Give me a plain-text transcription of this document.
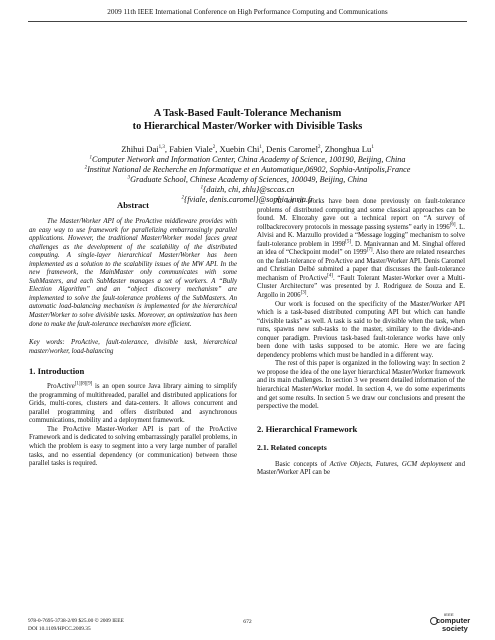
2009 11th IEEE International Conference on High Performance Computing and Communications
A Task-Based Fault-Tolerance Mechanism
to Hierarchical Master/Worker with Divisible Tasks
Zhihui Dai$^{1,3}$, Fabien Viale$^2$, Xuebin Chi$^1$, Denis Caromel$^2$, Zhonghua Lu$^1$
$^1$Computer Network and Information Center, China Academy of Science, 100190, Beijing, China
$^2$Institut National de Recherche en Informatique et en Automatique,06902, Sophia-Antipolis,France
$^3$Graduate School, Chinese Academy of Sciences, 100049, Beijing, China
$^1${daizh, chi, zhlu}@sccas.cn
$^2${fviale, denis.caromel}@sophia.inria.fr
Abstract

The Master/Worker API of the ProActive middleware provides with an easy way to use framework for parallelizing embarrassingly parallel applications. However, the traditional Master/Worker model faces great challenges as the development of the scalability of the distributed computing. A single-layer hierarchical Master/Worker has been implemented as a solution to the scalability issues of the MW API. In the new framework, the MainMaster only communicates with some SubMasters, and each SubMaster manages a set of workers. A “Bully Election Algorithm” and an “object discovery mechanism” are implemented to solve the fault-tolerance problems of the SubMasters. An automatic load-balancing mechanism is implemented for the hierarchical Master/Worker to solve divisible tasks. Moreover, an optimization has been done to make the fault-tolerance mechanism more efficient.

Key words: ProActive, fault-tolerance, divisible task, hierarchical master/worker, load-balancing

1. Introduction

ProActive[1][8][9] is an open source Java library aiming to simplify the programming of multithreaded, parallel and distributed applications for Grids, multi-cores, clusters and data-centers. It allows concurrent and parallel programming and offers distributed and asynchronous communications, mobility and a deployment framework.

The ProActive Master-Worker API is part of the ProActive Framework and is dedicated to solving embarrassingly parallel problems, in which the problem is easy to segment into a very large number of parallel tasks, and no essential dependency (or communication) between those parallel tasks is required.

At lot of works have been done previously on fault-tolerance problems of distributed computing and some classical approaches can be found. M. Elnozahy gave out a technical report on “A survey of rollbackrecovery protocols in message passing systems” early in 1996[6]. L. Alvisi and K. Marzullo provided a “Message logging” mechanism to solve fault-tolerance problem in 1998[5]. D. Manivannan and M. Singhal offered an idea of “Checkpoint model” on 1999[7]. Also there are related researches on the fault-tolerance of ProActive and Master/Worker API. Denis Caromel and Christian Delbé submited a paper that discusses the fault-tolerance mechanism of ProActive[4]. “Fault Tolerant Master-Worker over a Multi-Cluster Architecture” was presented by J. Rodriguez de Souza and E. Argollo in 2006[3].

Our work is focused on the specificity of the Master/Worker API which is a task-based distributed computing API but which can handle “divisible tasks” as well. A task is said to be divisible when the task, when runs, spawns new sub-tasks to the master, similary to the divide-and-conquer paradigm. Previous task-based fault-tolerance works have only been done with tasks supposed to be atomic. Here we are facing dependency problems which must be handled in a different way.

The rest of this paper is organized in the following way: In section 2 we propose the idea of the one layer hierarchical Master/Worker framework and its main challenges. In section 3 we present detailed information of the hierarchical Master/Worker model. In section 4, we do some experiments and get some results. In section 5 we draw our conclusions and present the perspective the model.

2. Hierarchical Framework
2.1. Related concepts

Basic concepts of Active Objects, Futures, GCM deployment and Master/Worker API can be

978-0-7695-3738-2/09 $25.00 © 2009 IEEE
DOI 10.1109/HPCC.2009.35
672
IEEE
computer
society
